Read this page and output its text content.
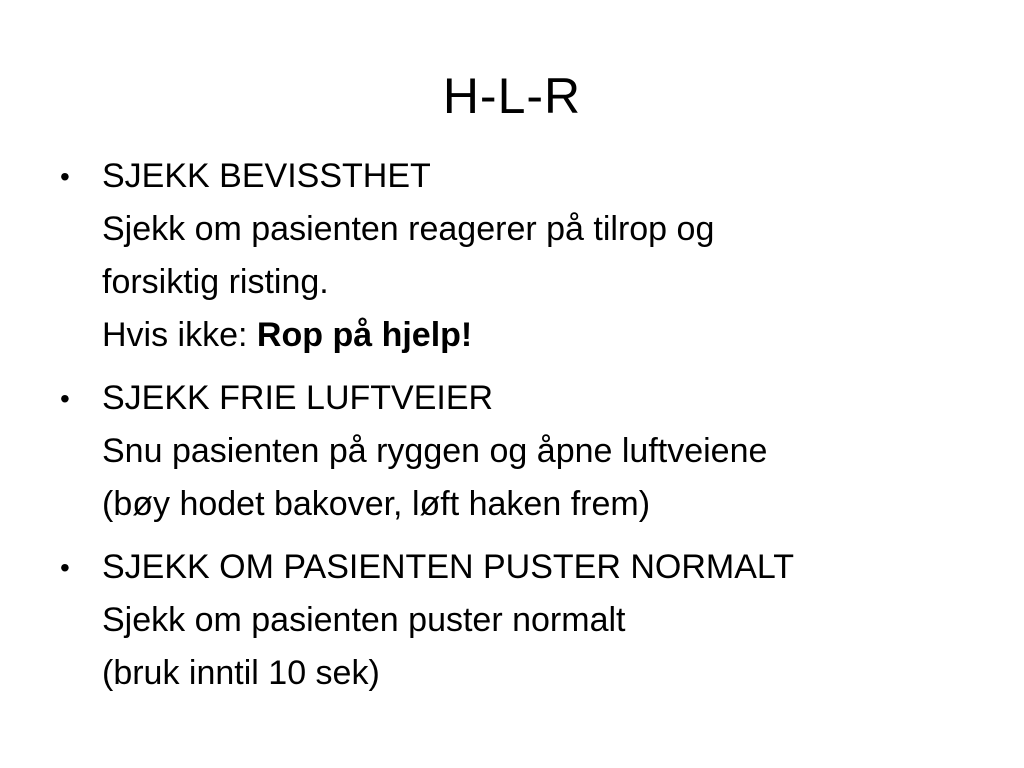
H-L-R
• SJEKK BEVISSTHET
Sjekk om pasienten reagerer på tilrop og
forsiktig risting.
Hvis ikke: Rop på hjelp!
• SJEKK FRIE LUFTVEIER
Snu pasienten på ryggen og åpne luftveiene
(bøy hodet bakover, løft haken frem)
• SJEKK OM PASIENTEN PUSTER NORMALT
Sjekk om pasienten puster normalt
(bruk inntil 10 sek)
